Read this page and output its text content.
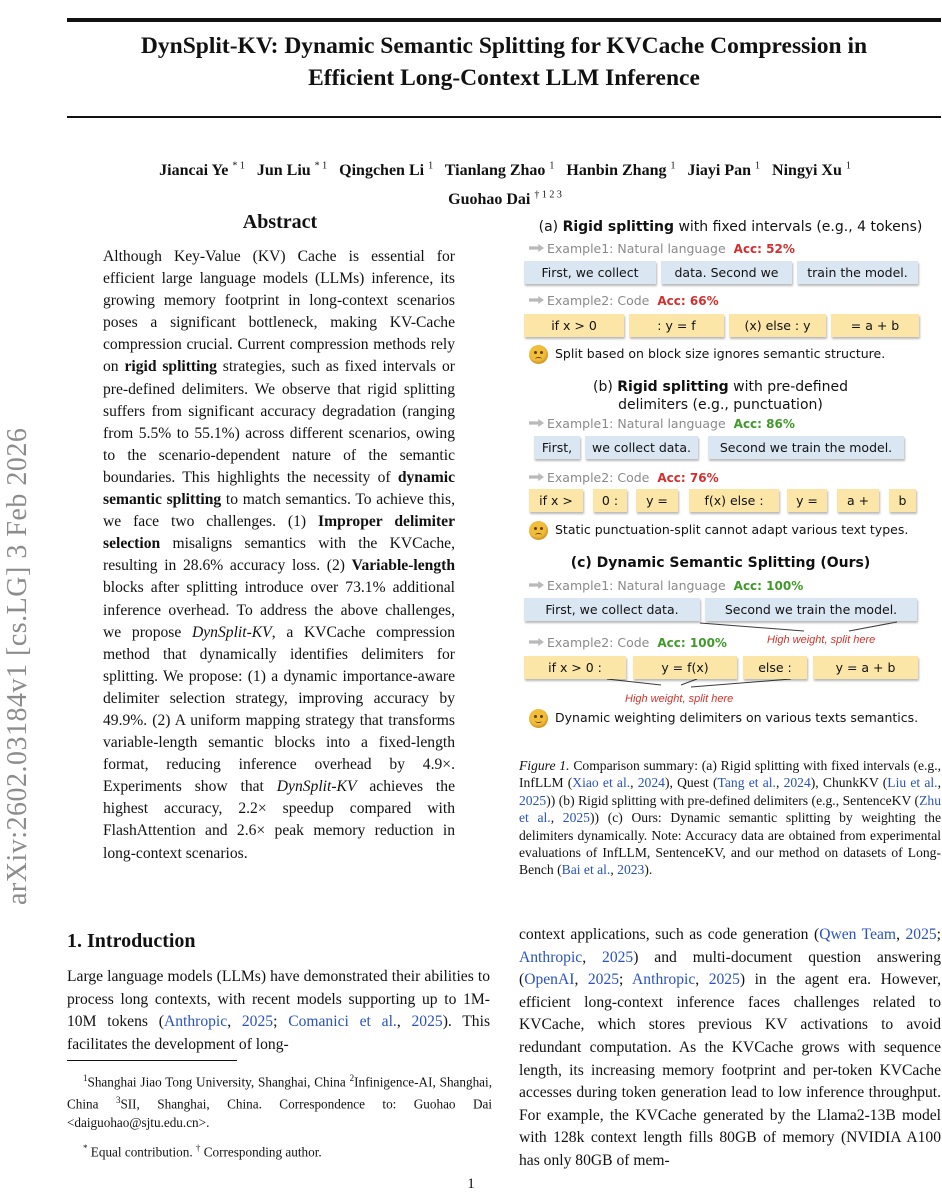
DynSplit-KV: Dynamic Semantic Splitting for KVCache Compression in
Efficient Long-Context LLM Inference
Jiancai Ye $^{* 1}$ Jun Liu $^{* 1}$ Qingchen Li $^1$ Tianlang Zhao $^1$ Hanbin Zhang $^1$ Jiayi Pan $^1$ Ningyi Xu $^1$
Guohao Dai $^{\dagger 1 2 3}$
arXiv:2602.03184v1 [cs.LG] 3 Feb 2026
Abstract
Although Key-Value (KV) Cache is essential for efficient large language models (LLMs) inference, its growing memory footprint in long-context scenarios poses a significant bottleneck, making KV-Cache compression crucial. Current compression methods rely on rigid splitting strategies, such as fixed intervals or pre-defined delimiters. We observe that rigid splitting suffers from significant accuracy degradation (ranging from 5.5% to 55.1%) across different scenarios, owing to the scenario-dependent nature of the semantic boundaries. This highlights the necessity of dynamic semantic splitting to match semantics. To achieve this, we face two challenges. (1) Improper delimiter selection misaligns semantics with the KVCache, resulting in 28.6% accuracy loss. (2) Variable-length blocks after splitting introduce over 73.1% additional inference overhead. To address the above challenges, we propose DynSplit-KV, a KVCache compression method that dynamically identifies delimiters for splitting. We propose: (1) a dynamic importance-aware delimiter selection strategy, improving accuracy by 49.9%. (2) A uniform mapping strategy that transforms variable-length semantic blocks into a fixed-length format, reducing inference overhead by 4.9×. Experiments show that DynSplit-KV achieves the highest accuracy, 2.2× speedup compared with FlashAttention and 2.6× peak memory reduction in long-context scenarios.
1. Introduction
Large language models (LLMs) have demonstrated their abilities to process long contexts, with recent models supporting up to 1M-10M tokens (Anthropic, 2025; Comanici et al., 2025). This facilitates the development of long-
context applications, such as code generation (Qwen Team, 2025; Anthropic, 2025) and multi-document question answering (OpenAI, 2025; Anthropic, 2025) in the agent era. However, efficient long-context inference faces challenges related to KVCache, which stores previous KV activations to avoid redundant computation. As the KVCache grows with sequence length, its increasing memory footprint and per-token KVCache accesses during token generation lead to low inference throughput. For example, the KVCache generated by the Llama2-13B model with 128k context length fills 80GB of memory (NVIDIA A100 has only 80GB of mem-
$^1$Shanghai Jiao Tong University, Shanghai, China $^2$Infinigence-AI, Shanghai, China $^3$SII, Shanghai, China. Correspondence to: Guohao Dai <daiguohao@sjtu.edu.cn>.
* Equal contribution. † Corresponding author.
1
(a) Rigid splitting with fixed intervals (e.g., 4 tokens)
Example1: Natural language Acc: 52%
First, we collect	data. Second we	train the model.
Example2: Code Acc: 66%
if x > 0	: y = f	(x) else : y	= a + b
Split based on block size ignores semantic structure.
(b) Rigid splitting with pre-defined
delimiters (e.g., punctuation)
Example1: Natural language Acc: 86%
First,	we collect data.	Second we train the model.
Example2: Code Acc: 76%
if x >	0 :	y =	f(x) else :	y =	a +	b
Static punctuation-split cannot adapt various text types.
(c) Dynamic Semantic Splitting (Ours)
Example1: Natural language Acc: 100%
First, we collect data.	Second we train the model.
Example2: Code Acc: 100%	High weight, split here
if x > 0 :	y = f(x)	else :	y = a + b
High weight, split here
Dynamic weighting delimiters on various texts semantics.
Figure 1. Comparison summary: (a) Rigid splitting with fixed intervals (e.g., InfLLM (Xiao et al., 2024), Quest (Tang et al., 2024), ChunkKV (Liu et al., 2025)) (b) Rigid splitting with pre-defined delimiters (e.g., SentenceKV (Zhu et al., 2025)) (c) Ours: Dynamic semantic splitting by weighting the delimiters dynamically. Note: Accuracy data are obtained from experimental evaluations of InfLLM, SentenceKV, and our method on datasets of Long-Bench (Bai et al., 2023).
